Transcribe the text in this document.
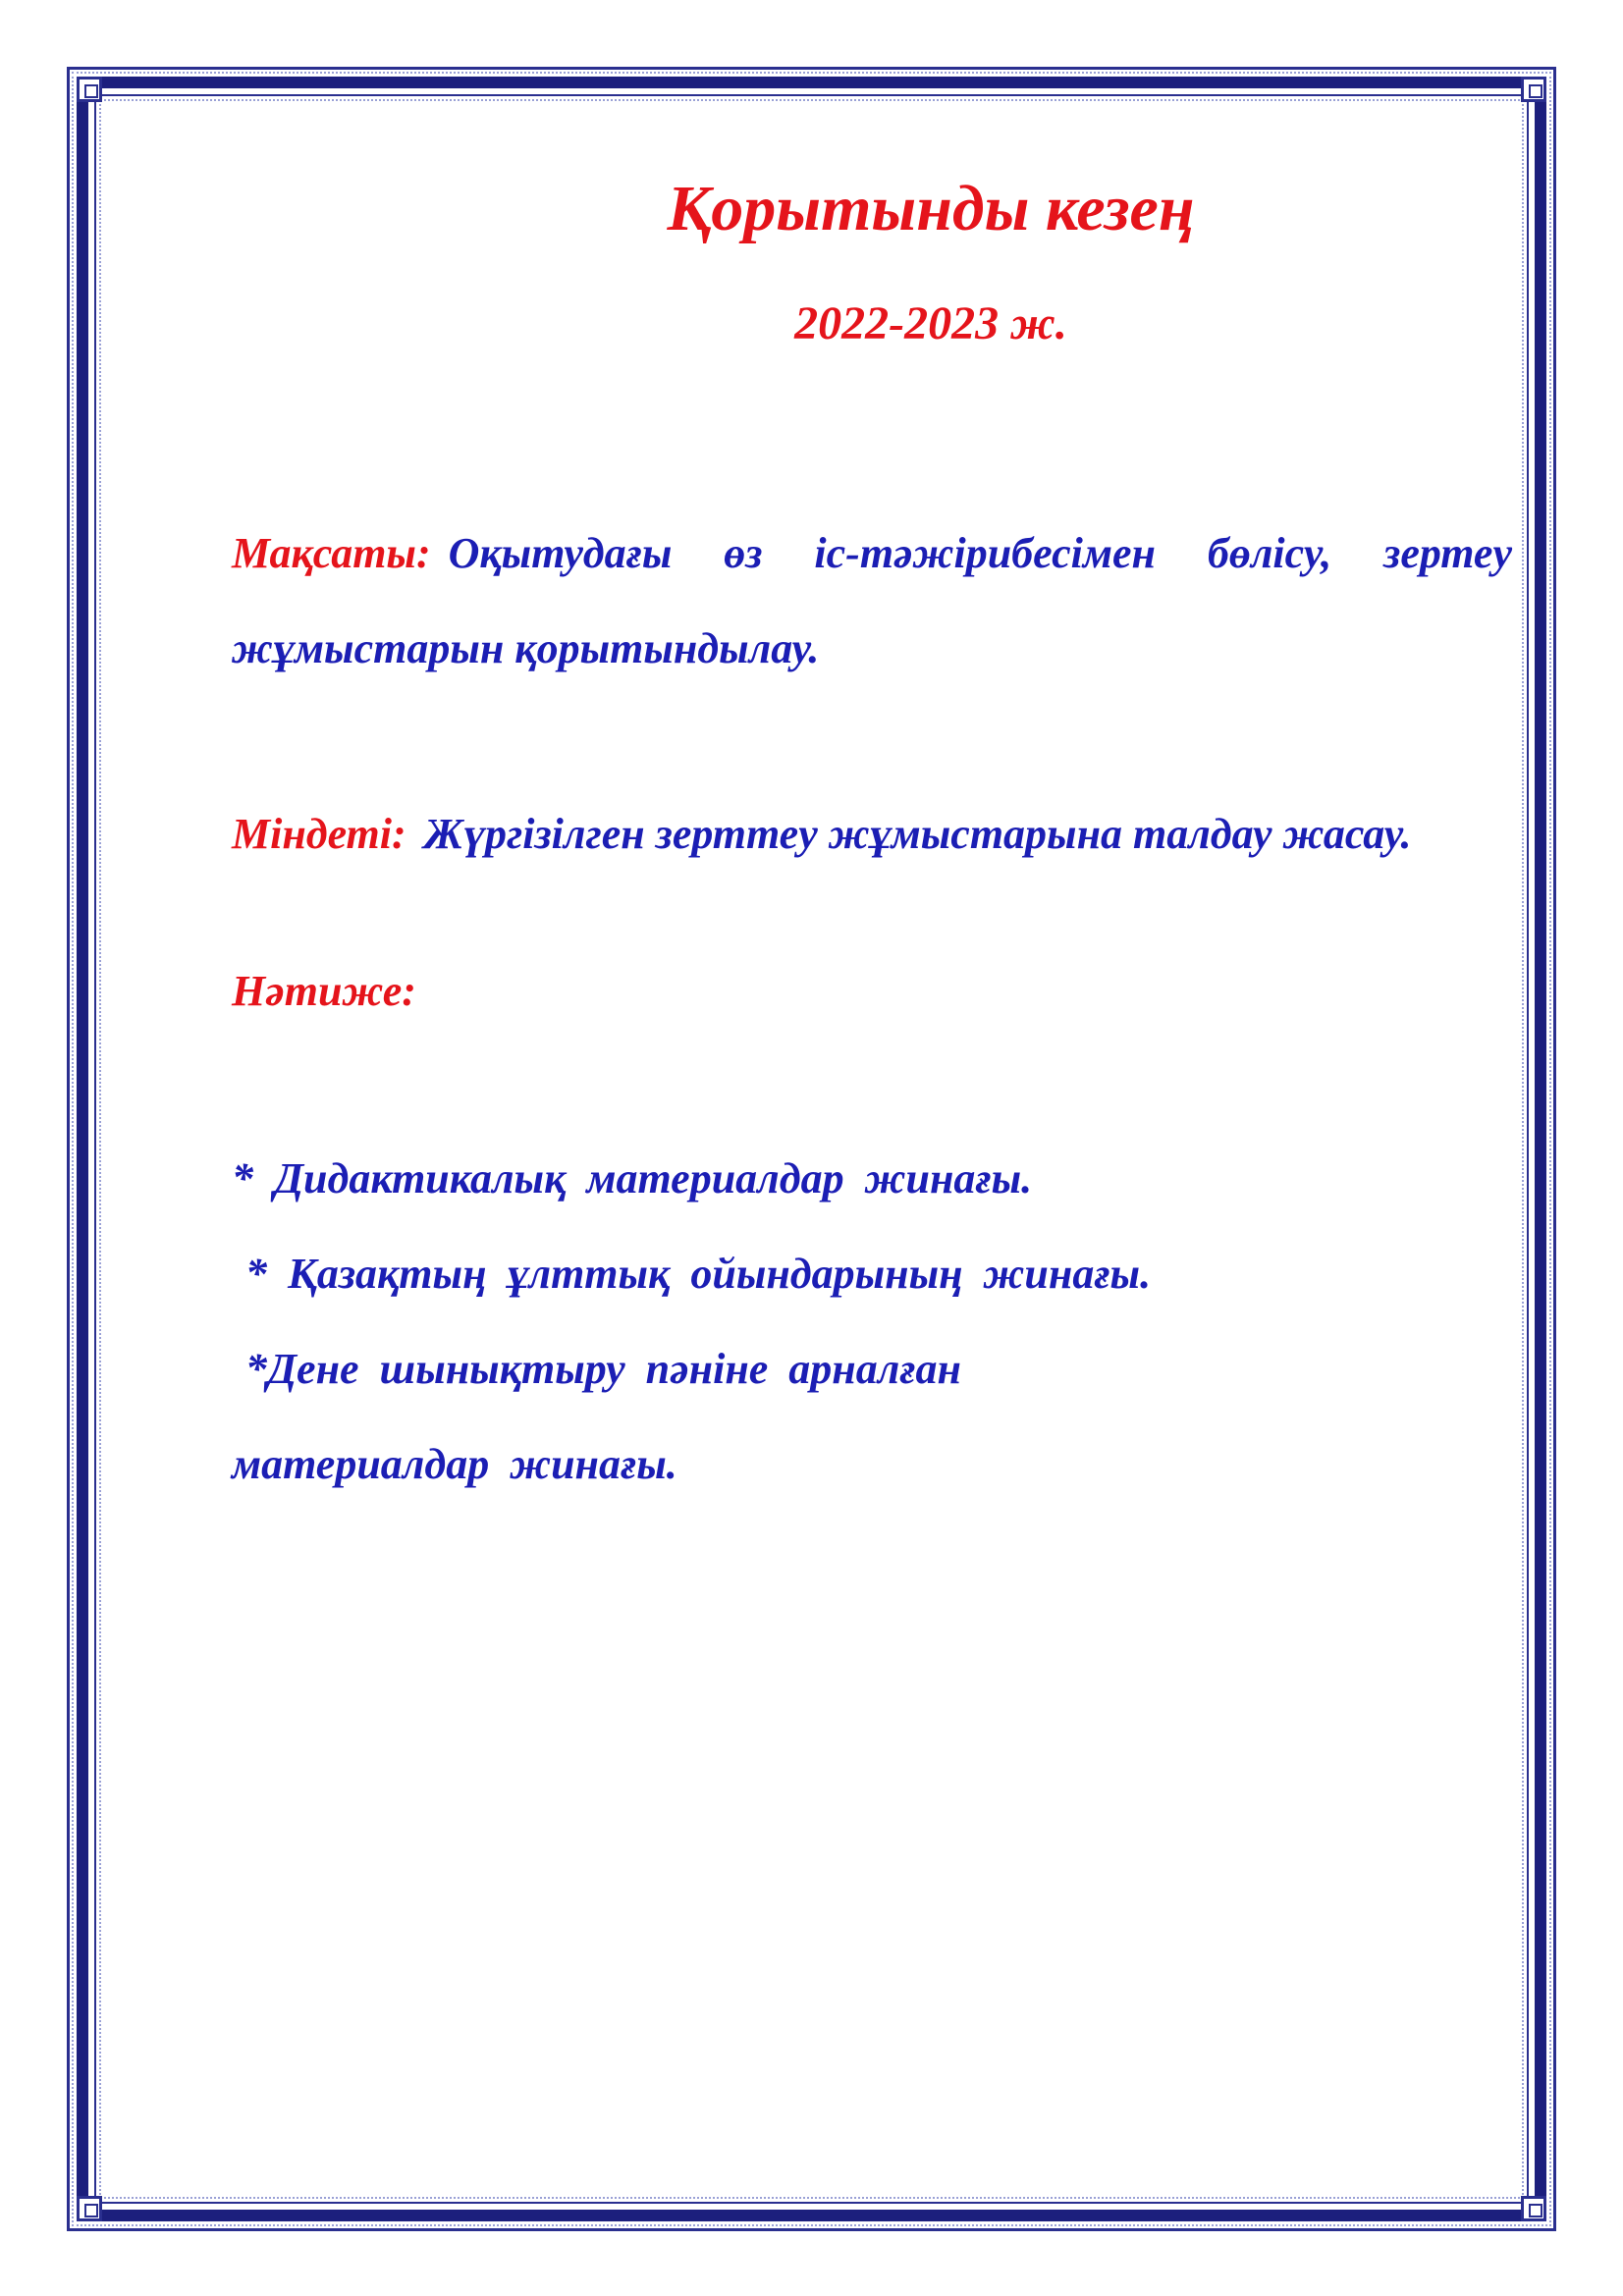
Қорытынды кезең

2022-2023 ж.

Мақсаты: Оқытудағы өз іс-тәжірибесімен бөлісу, зертеу жұмыстарын қорытындылау.

Міндеті: Жүргізілген зерттеу жұмыстарына талдау жасау.

Нәтиже:

* Дидактикалық материалдар жинағы.
* Қазақтың ұлттық ойындарының жинағы.
*Дене шынықтыру пәніне арналған
материалдар жинағы.
